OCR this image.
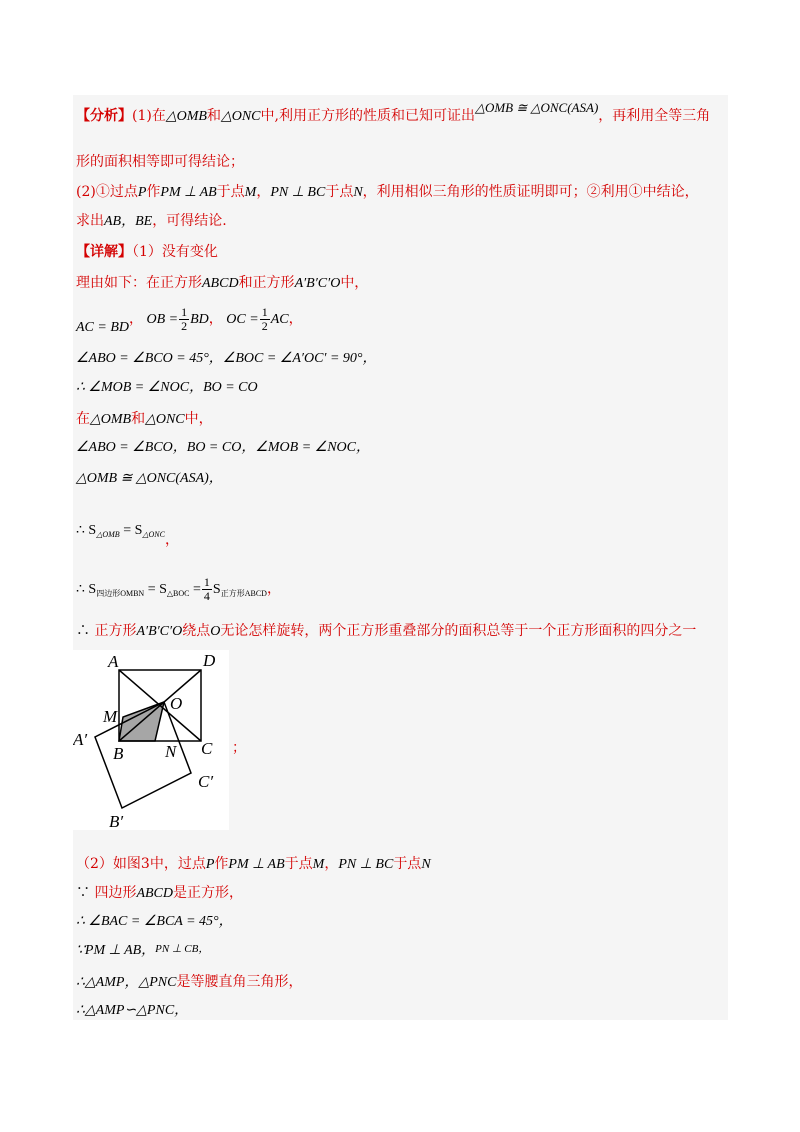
【分析】(1)在△OMB和△ONC中,利用正方形的性质和已知可证出△OMB ≅ △ONC(ASA)，再利用全等三角
形的面积相等即可得结论；
(2)①过点P作PM ⊥ AB于点M，PN ⊥ BC于点N，利用相似三角形的性质证明即可；②利用①中结论，
求出AB，BE，可得结论.
【详解】（1）没有变化
理由如下：在正方形ABCD和正方形A′B′C′O中，
AC = BD， OB = $\frac{1}{2}$ BD， OC = $\frac{1}{2}$ AC，
∠ABO = ∠BCO = 45°，∠BOC = ∠A′OC′ = 90°，
∴ ∠MOB = ∠NOC，BO = CO
在△OMB和△ONC中，
∠ABO = ∠BCO，BO = CO，∠MOB = ∠NOC，
△OMB ≅ △ONC(ASA)，
∴ $S_{\triangle OMB} = S_{\triangle ONC}$，
∴ $S_{四边形OMBN} = S_{\triangle BOC} = \frac{1}{4} S_{正方形ABCD}$，
∴ 正方形A′B′C′O绕点O无论怎样旋转，两个正方形重叠部分的面积总等于一个正方形面积的四分之一
A	D
M
O
A′
B N C
C′
B′
；
（2）如图3中，过点P作PM ⊥ AB于点M，PN ⊥ BC于点N
∵ 四边形ABCD是正方形，
∴ ∠BAC = ∠BCA = 45°，
∵PM ⊥ AB，PN ⊥ CB，
∴△AMP，△PNC是等腰直角三角形，
∴△AMP∽△PNC，
